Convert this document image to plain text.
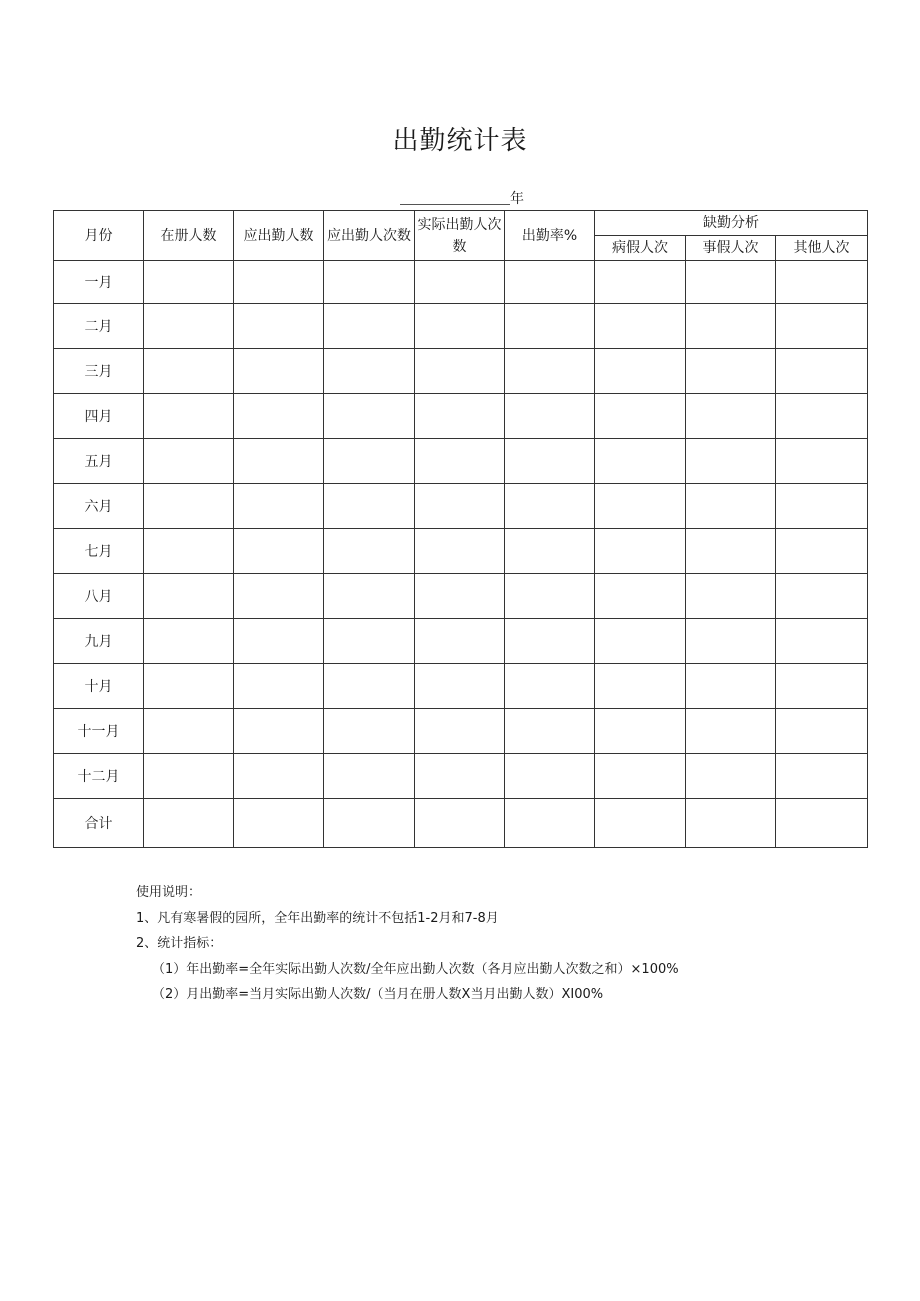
出勤统计表
年
月份	在册人数	应出勤人数	应出勤人次数	实际出勤人次数	出勤率%	缺勤分析		
						病假人次	事假人次	其他人次
一月								
二月								
三月								
四月								
五月								
六月								
七月								
八月								
九月								
十月								
十一月								
十二月								
合计								
使用说明：
1、凡有寒暑假的园所，全年出勤率的统计不包括1-2月和7-8月
2、统计指标：
（1）年出勤率=全年实际出勤人次数/全年应出勤人次数（各月应出勤人次数之和）×100%
（2）月出勤率=当月实际出勤人次数/（当月在册人数X当月出勤人数）XI00%
